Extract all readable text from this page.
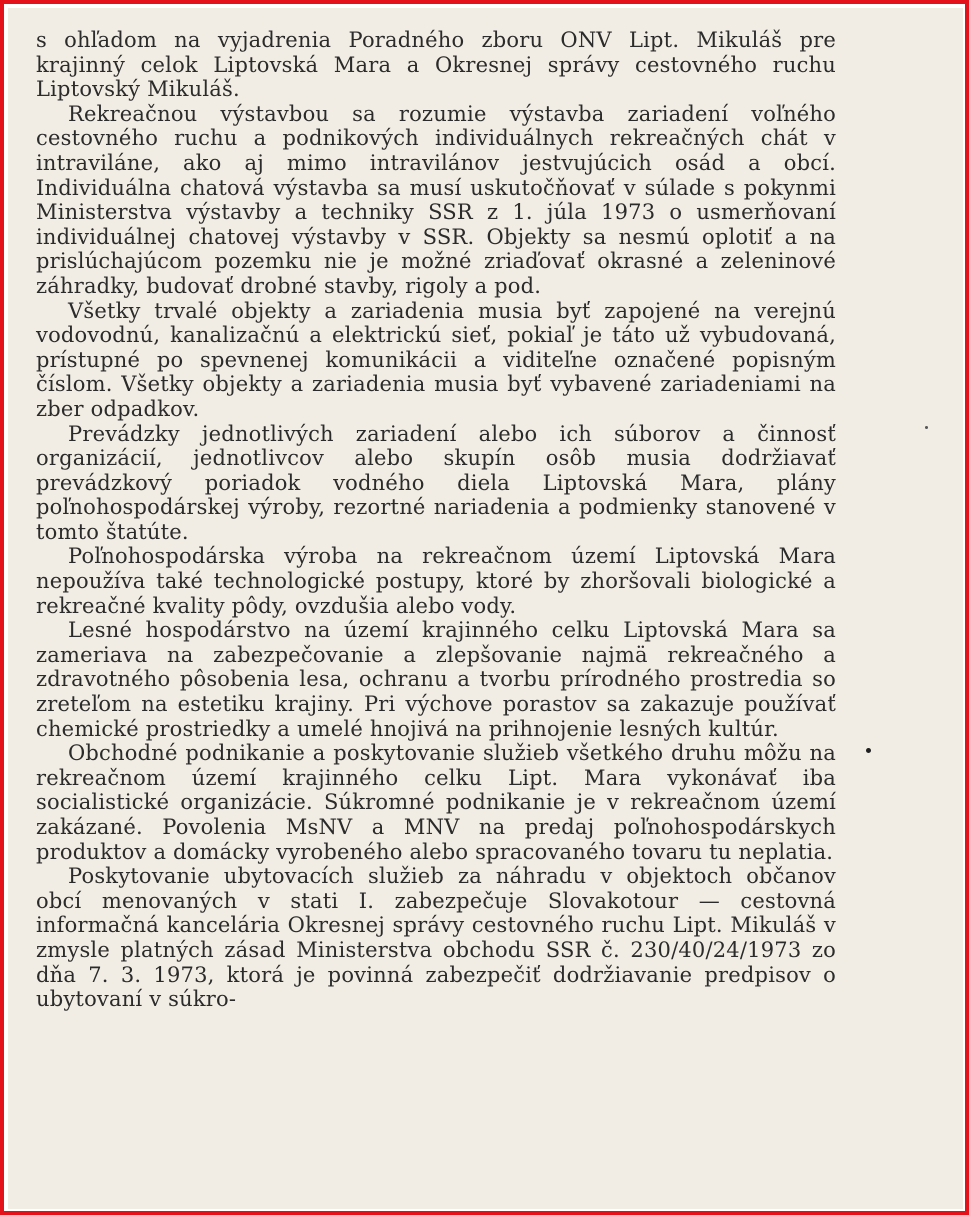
s ohľadom na vyjadrenia Poradného zboru ONV Lipt. Mikuláš pre krajinný celok Liptovská Mara a Okresnej správy cestovného ruchu Liptovský Mikuláš.

Rekreačnou výstavbou sa rozumie výstavba zariadení voľného cestovného ruchu a podnikových individuálnych rekreačných chát v intraviláne, ako aj mimo intravilánov jestvujúcich osád a obcí. Individuálna chatová výstavba sa musí uskutočňovať v súlade s pokynmi Ministerstva výstavby a techniky SSR z 1. júla 1973 o usmerňovaní individuálnej chatovej výstavby v SSR. Objekty sa nesmú oplotiť a na prislúchajúcom pozemku nie je možné zriaďovať okrasné a zeleninové záhradky, budovať drobné stavby, rigoly a pod.

Všetky trvalé objekty a zariadenia musia byť zapojené na verejnú vodovodnú, kanalizačnú a elektrickú sieť, pokiaľ je táto už vybudovaná, prístupné po spevnenej komunikácii a viditeľne označené popisným číslom. Všetky objekty a zariadenia musia byť vybavené zariadeniami na zber odpadkov.

Prevádzky jednotlivých zariadení alebo ich súborov a činnosť organizácií, jednotlivcov alebo skupín osôb musia dodržiavať prevádzkový poriadok vodného diela Liptovská Mara, plány poľnohospodárskej výroby, rezortné nariadenia a podmienky stanovené v tomto štatúte.

Poľnohospodárska výroba na rekreačnom území Liptovská Mara nepoužíva také technologické postupy, ktoré by zhoršovali biologické a rekreačné kvality pôdy, ovzdušia alebo vody.

Lesné hospodárstvo na území krajinného celku Liptovská Mara sa zameriava na zabezpečovanie a zlepšovanie najmä rekreačného a zdravotného pôsobenia lesa, ochranu a tvorbu prírodného prostredia so zreteľom na estetiku krajiny. Pri výchove porastov sa zakazuje používať chemické prostriedky a umelé hnojivá na prihnojenie lesných kultúr.

Obchodné podnikanie a poskytovanie služieb všetkého druhu môžu na rekreačnom území krajinného celku Lipt. Mara vykonávať iba socialistické organizácie. Súkromné podnikanie je v rekreačnom území zakázané. Povolenia MsNV a MNV na predaj poľnohospodárskych produktov a domácky vyrobeného alebo spracovaného tovaru tu neplatia.

Poskytovanie ubytovacích služieb za náhradu v objektoch občanov obcí menovaných v stati I. zabezpečuje Slovakotour — cestovná informačná kancelária Okresnej správy cestovného ruchu Lipt. Mikuláš v zmysle platných zásad Ministerstva obchodu SSR č. 230/40/24/1973 zo dňa 7. 3. 1973, ktorá je povinná zabezpečiť dodržiavanie predpisov o ubytovaní v súkro-
